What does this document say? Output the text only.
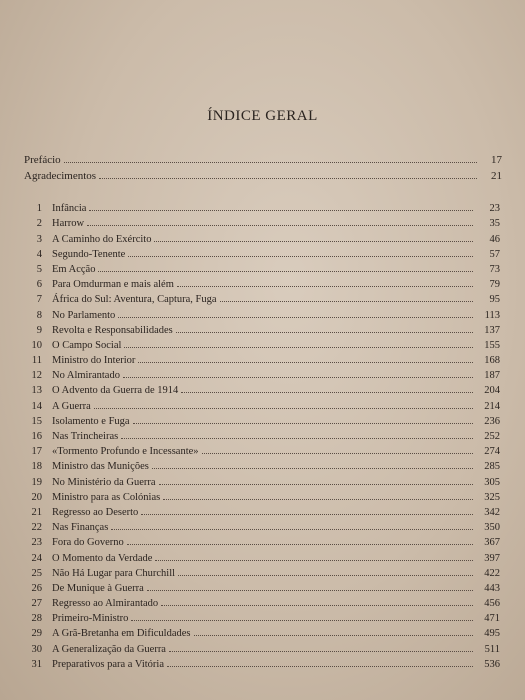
ÍNDICE GERAL
Prefácio	17
Agradecimentos	21
1 Infância	23
2 Harrow	35
3 A Caminho do Exército	46
4 Segundo-Tenente	57
5 Em Acção	73
6 Para Omdurman e mais além	79
7 África do Sul: Aventura, Captura, Fuga	95
8 No Parlamento	113
9 Revolta e Responsabilidades	137
10 O Campo Social	155
11 Ministro do Interior	168
12 No Almirantado	187
13 O Advento da Guerra de 1914	204
14 A Guerra	214
15 Isolamento e Fuga	236
16 Nas Trincheiras	252
17 «Tormento Profundo e Incessante»	274
18 Ministro das Munições	285
19 No Ministério da Guerra	305
20 Ministro para as Colónias	325
21 Regresso ao Deserto	342
22 Nas Finanças	350
23 Fora do Governo	367
24 O Momento da Verdade	397
25 Não Há Lugar para Churchill	422
26 De Munique à Guerra	443
27 Regresso ao Almirantado	456
28 Primeiro-Ministro	471
29 A Grã-Bretanha em Dificuldades	495
30 A Generalização da Guerra	511
31 Preparativos para a Vitória	536
